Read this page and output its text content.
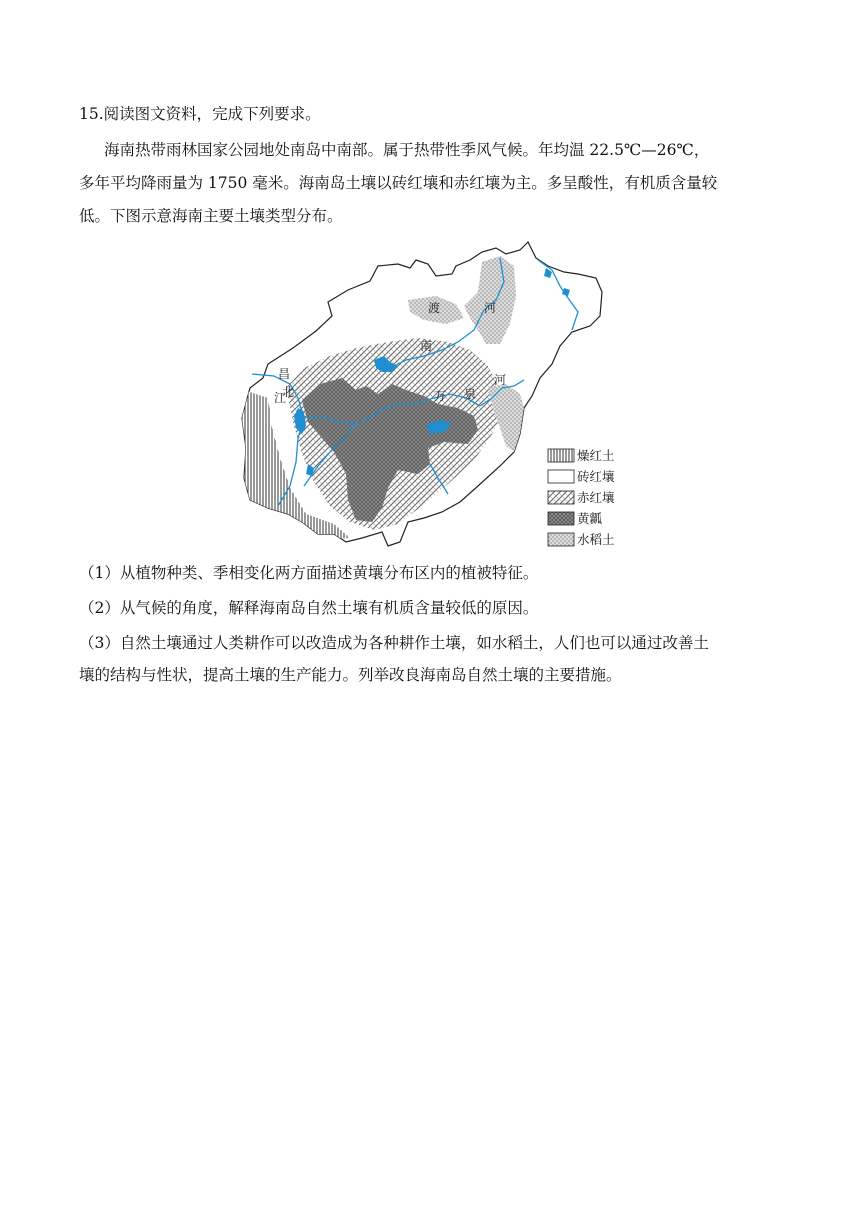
15.阅读图文资料，完成下列要求。
海南热带雨林国家公园地处南岛中南部。属于热带性季风气候。年均温 22.5℃—26℃，
多年平均降雨量为 1750 毫米。海南岛土壤以砖红壤和赤红壤为主。多呈酸性，有机质含量较
低。下图示意海南主要土壤类型分布。
渡	河
南
昌
北
江	万 泉
河
燥红土
砖红壤
赤红壤
黄瓤
水稻土
（1）从植物种类、季相变化两方面描述黄壤分布区内的植被特征。
（2）从气候的角度，解释海南岛自然土壤有机质含量较低的原因。
（3）自然土壤通过人类耕作可以改造成为各种耕作土壤，如水稻土，人们也可以通过改善土
壤的结构与性状，提高土壤的生产能力。列举改良海南岛自然土壤的主要措施。
